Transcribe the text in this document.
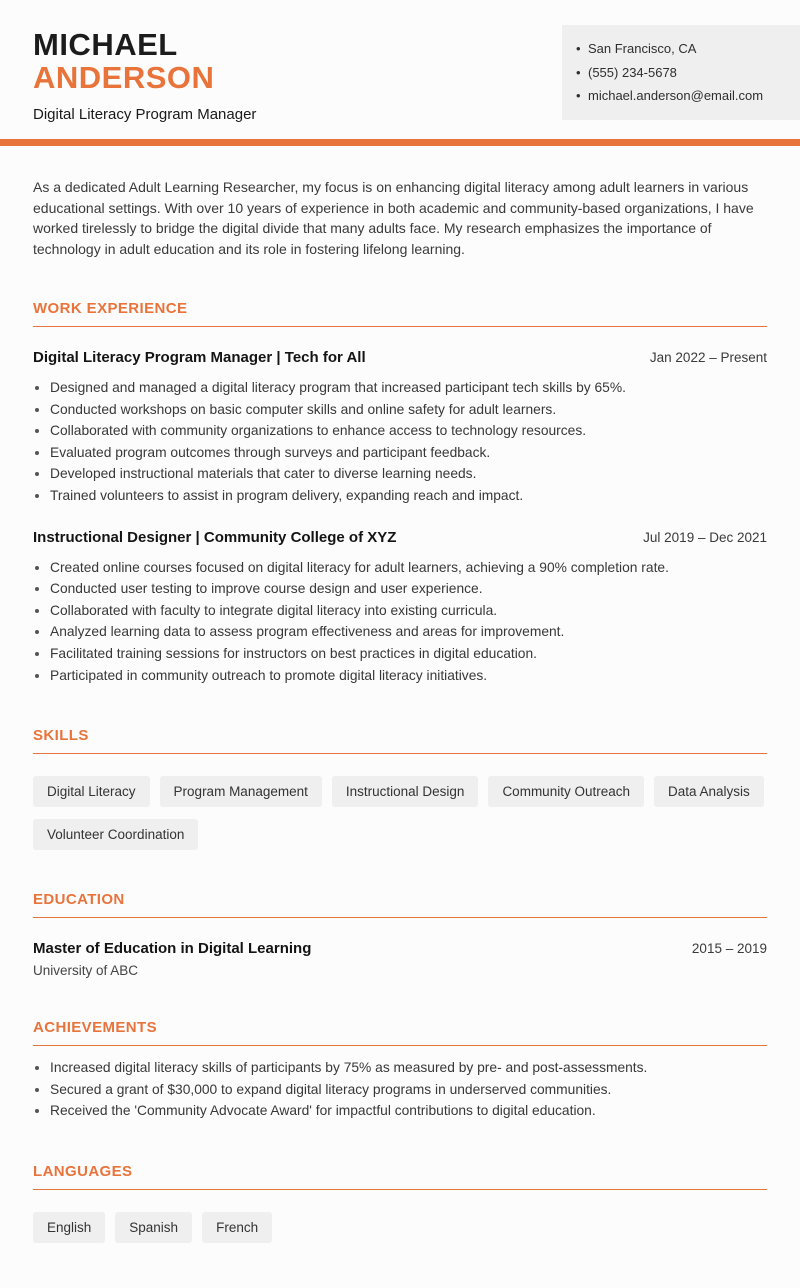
MICHAEL
ANDERSON
Digital Literacy Program Manager
• San Francisco, CA
• (555) 234-5678
• michael.anderson@email.com

As a dedicated Adult Learning Researcher, my focus is on enhancing digital literacy among adult learners in various educational settings. With over 10 years of experience in both academic and community-based organizations, I have worked tirelessly to bridge the digital divide that many adults face. My research emphasizes the importance of technology in adult education and its role in fostering lifelong learning.

WORK EXPERIENCE
Digital Literacy Program Manager | Tech for All	Jan 2022 – Present
• Designed and managed a digital literacy program that increased participant tech skills by 65%.
• Conducted workshops on basic computer skills and online safety for adult learners.
• Collaborated with community organizations to enhance access to technology resources.
• Evaluated program outcomes through surveys and participant feedback.
• Developed instructional materials that cater to diverse learning needs.
• Trained volunteers to assist in program delivery, expanding reach and impact.
Instructional Designer | Community College of XYZ	Jul 2019 – Dec 2021
• Created online courses focused on digital literacy for adult learners, achieving a 90% completion rate.
• Conducted user testing to improve course design and user experience.
• Collaborated with faculty to integrate digital literacy into existing curricula.
• Analyzed learning data to assess program effectiveness and areas for improvement.
• Facilitated training sessions for instructors on best practices in digital education.
• Participated in community outreach to promote digital literacy initiatives.
SKILLS
Digital Literacy	Program Management	Instructional Design	Community Outreach	Data Analysis
Volunteer Coordination
EDUCATION
Master of Education in Digital Learning	2015 – 2019
University of ABC
ACHIEVEMENTS
• Increased digital literacy skills of participants by 75% as measured by pre- and post-assessments.
• Secured a grant of $30,000 to expand digital literacy programs in underserved communities.
• Received the 'Community Advocate Award' for impactful contributions to digital education.
LANGUAGES
English	Spanish	French
